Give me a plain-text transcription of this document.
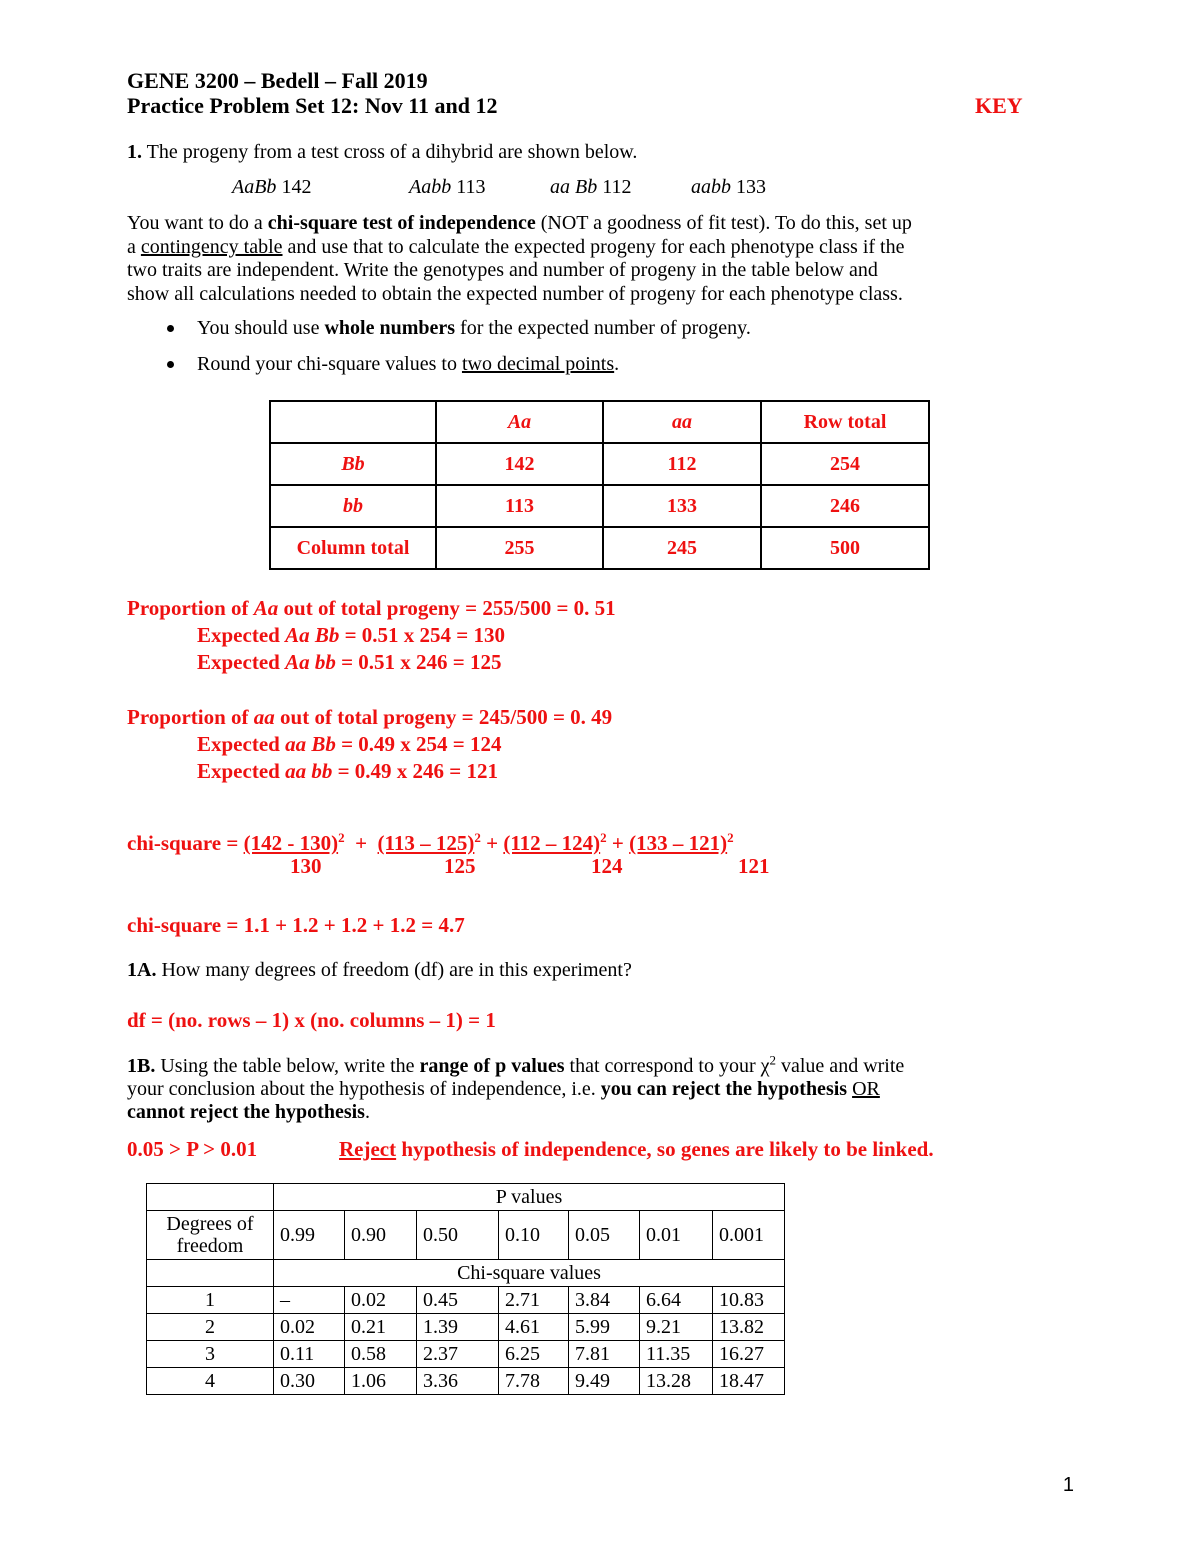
GENE 3200 – Bedell – Fall 2019
Practice Problem Set 12: Nov 11 and 12	KEY
1. The progeny from a test cross of a dihybrid are shown below.
AaBb 142	Aabb 113	aa Bb 112	aabb 133
You want to do a chi-square test of independence (NOT a goodness of fit test). To do this, set up
a contingency table and use that to calculate the expected progeny for each phenotype class if the
two traits are independent. Write the genotypes and number of progeny in the table below and
show all calculations needed to obtain the expected number of progeny for each phenotype class.
You should use whole numbers for the expected number of progeny.
Round your chi-square values to two decimal points.
	Aa	aa	Row total
Bb	142	112	254
bb	113	133	246
Column total	255	245	500
Proportion of Aa out of total progeny = 255/500 = 0. 51
Expected Aa Bb = 0.51 x 254 = 130
Expected Aa bb = 0.51 x 246 = 125
Proportion of aa out of total progeny = 245/500 = 0. 49
Expected aa Bb = 0.49 x 254 = 124
Expected aa bb = 0.49 x 246 = 121
chi-square = (142 - 130)$^2$  +  (113 – 125)$^2$ + (112 – 124)$^2$ + (133 – 121)$^2$
130	125	124	121
chi-square = 1.1 + 1.2 + 1.2 + 1.2 = 4.7
1A. How many degrees of freedom (df) are in this experiment?
df = (no. rows – 1) x (no. columns – 1) = 1
1B. Using the table below, write the range of p values that correspond to your $\chi^2$ value and write
your conclusion about the hypothesis of independence, i.e. you can reject the hypothesis OR
cannot reject the hypothesis.
0.05 > P > 0.01	Reject hypothesis of independence, so genes are likely to be linked.
	P values						
Degrees of freedom	0.99	0.90	0.50	0.10	0.05	0.01	0.001
	Chi-square values						
1	–	0.02	0.45	2.71	3.84	6.64	10.83
2	0.02	0.21	1.39	4.61	5.99	9.21	13.82
3	0.11	0.58	2.37	6.25	7.81	11.35	16.27
4	0.30	1.06	3.36	7.78	9.49	13.28	18.47
1
